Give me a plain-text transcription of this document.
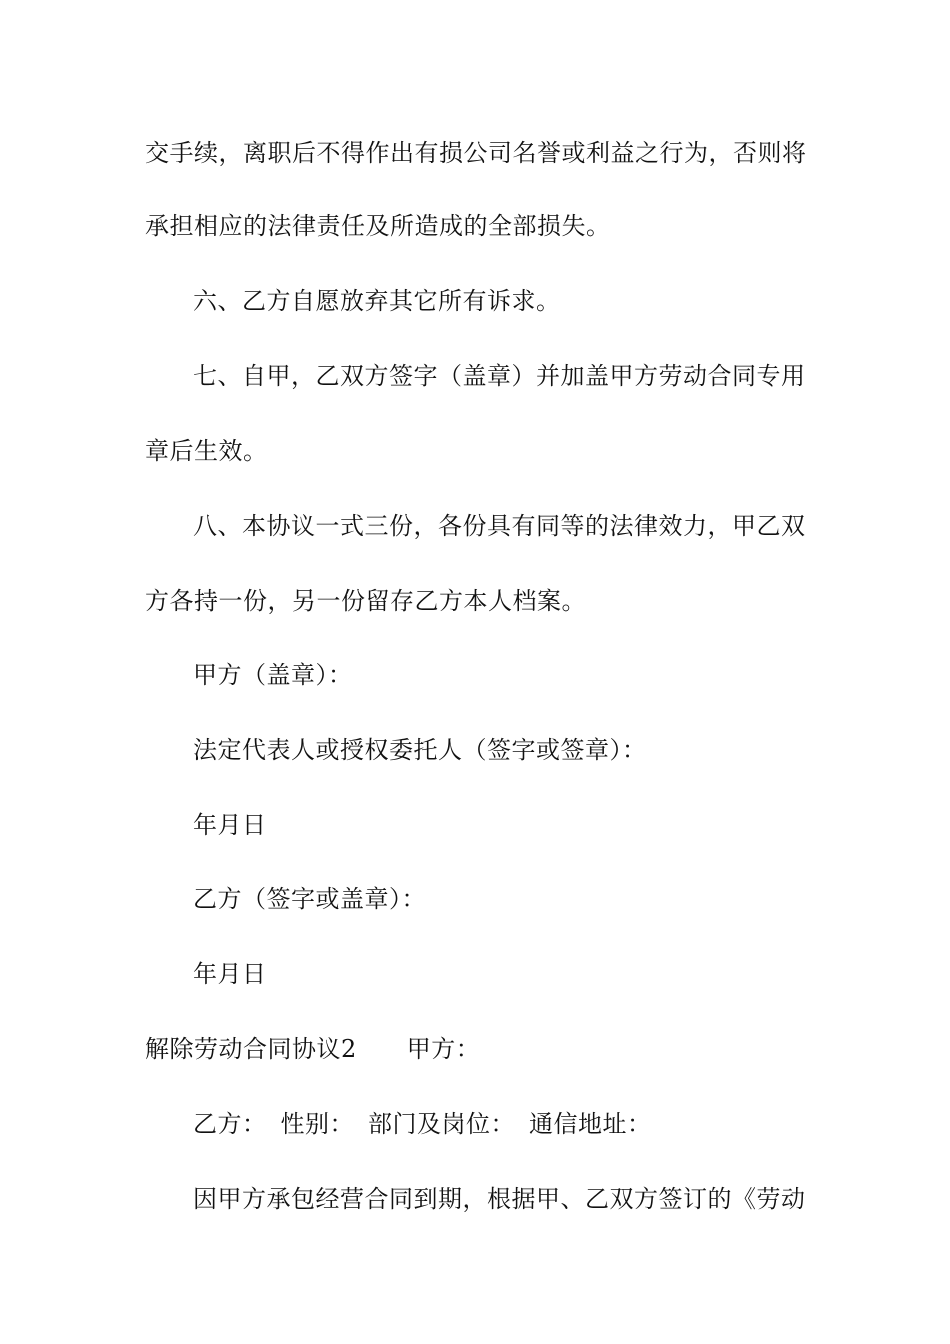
交手续，离职后不得作出有损公司名誉或利益之行为，否则将
承担相应的法律责任及所造成的全部损失。
六、乙方自愿放弃其它所有诉求。
七、自甲，乙双方签字（盖章）并加盖甲方劳动合同专用
章后生效。
八、本协议一式三份，各份具有同等的法律效力，甲乙双
方各持一份，另一份留存乙方本人档案。
甲方（盖章）：
法定代表人或授权委托人（签字或签章）：
年月日
乙方（签字或盖章）：
年月日
解除劳动合同协议2 甲方：
乙方： 性别： 部门及岗位： 通信地址：
因甲方承包经营合同到期，根据甲、乙双方签订的《劳动
